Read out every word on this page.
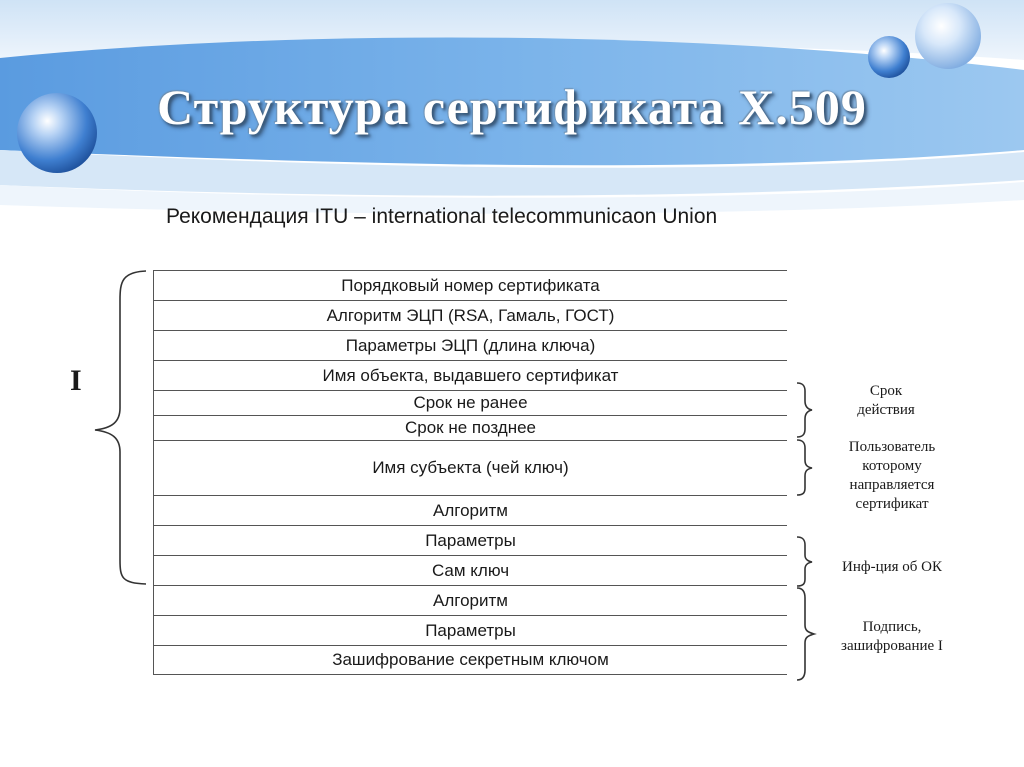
Структура сертификата X.509
Рекомендация ITU – international telecommunicaon Union
Порядковый номер сертификата
Алгоритм ЭЦП (RSA, Гамаль, ГОСТ)
Параметры ЭЦП (длина ключа)
Имя объекта, выдавшего сертификат
Срок не ранее
Срок не позднее
Имя субъекта (чей ключ)
Алгоритм
Параметры
Сам ключ
Алгоритм
Параметры
Зашифрование секретным ключом
I	Срок
действия
Пользователь
которому
направляется
сертификат
Инф-ция об ОК
Подпись,
зашифрование I
